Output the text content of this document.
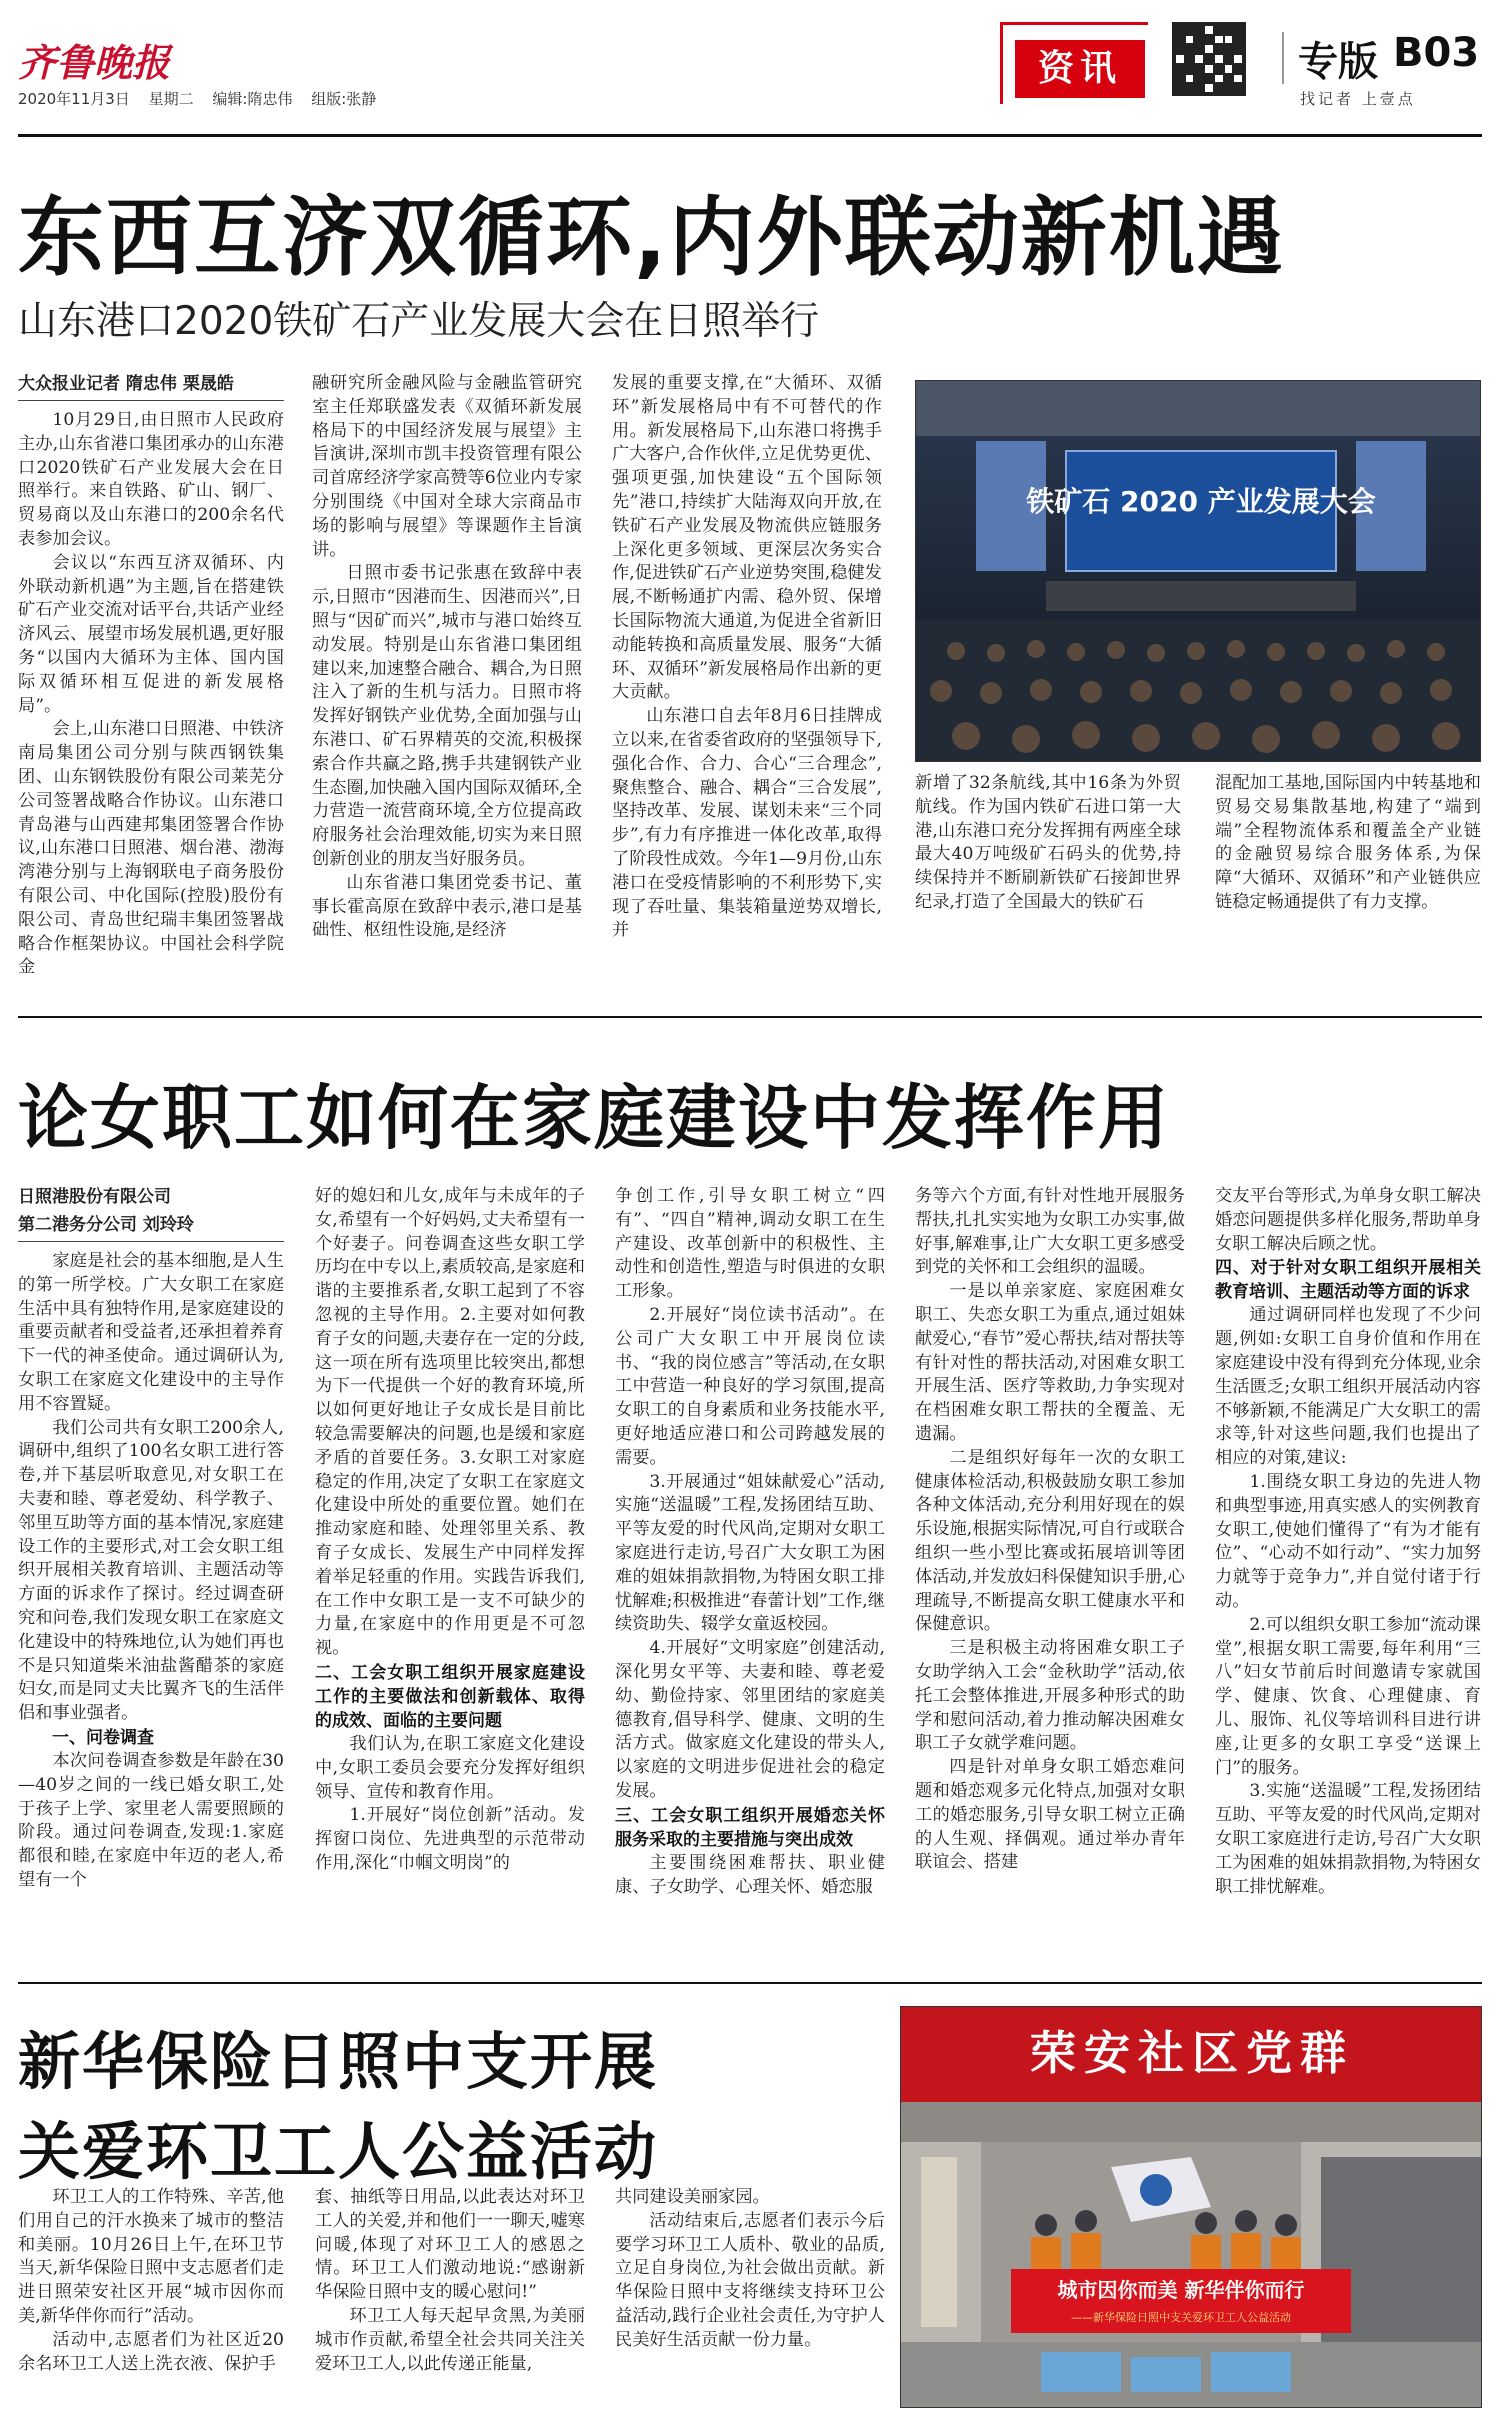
齐鲁晚报
2020年11月3日 星期二 编辑:隋忠伟 组版:张静
资讯	专版 B03
找记者 上壹点
东西互济双循环,内外联动新机遇
山东港口2020铁矿石产业发展大会在日照举行
大众报业记者 隋忠伟 栗晟皓

10月29日,由日照市人民政府主办,山东省港口集团承办的山东港口2020铁矿石产业发展大会在日照举行。来自铁路、矿山、钢厂、贸易商以及山东港口的200余名代表参加会议。

会议以“东西互济双循环、内外联动新机遇”为主题,旨在搭建铁矿石产业交流对话平台,共话产业经济风云、展望市场发展机遇,更好服务“以国内大循环为主体、国内国际双循环相互促进的新发展格局”。

会上,山东港口日照港、中铁济南局集团公司分别与陕西钢铁集团、山东钢铁股份有限公司莱芜分公司签署战略合作协议。山东港口青岛港与山西建邦集团签署合作协议,山东港口日照港、烟台港、渤海湾港分别与上海钢联电子商务股份有限公司、中化国际(控股)股份有限公司、青岛世纪瑞丰集团签署战略合作框架协议。中国社会科学院金

融研究所金融风险与金融监管研究室主任郑联盛发表《双循环新发展格局下的中国经济发展与展望》主旨演讲,深圳市凯丰投资管理有限公司首席经济学家高赞等6位业内专家分别围绕《中国对全球大宗商品市场的影响与展望》等课题作主旨演讲。

日照市委书记张惠在致辞中表示,日照市“因港而生、因港而兴”,日照与“因矿而兴”,城市与港口始终互动发展。特别是山东省港口集团组建以来,加速整合融合、耦合,为日照注入了新的生机与活力。日照市将发挥好钢铁产业优势,全面加强与山东港口、矿石界精英的交流,积极探索合作共赢之路,携手共建钢铁产业生态圈,加快融入国内国际双循环,全力营造一流营商环境,全方位提高政府服务社会治理效能,切实为来日照创新创业的朋友当好服务员。

山东省港口集团党委书记、董事长霍高原在致辞中表示,港口是基础性、枢纽性设施,是经济

发展的重要支撑,在“大循环、双循环”新发展格局中有不可替代的作用。新发展格局下,山东港口将携手广大客户,合作伙伴,立足优势更优、强项更强,加快建设“五个国际领先”港口,持续扩大陆海双向开放,在铁矿石产业发展及物流供应链服务上深化更多领域、更深层次务实合作,促进铁矿石产业逆势突围,稳健发展,不断畅通扩内需、稳外贸、保增长国际物流大通道,为促进全省新旧动能转换和高质量发展、服务“大循环、双循环”新发展格局作出新的更大贡献。

山东港口自去年8月6日挂牌成立以来,在省委省政府的坚强领导下,强化合作、合力、合心“三合理念”,聚焦整合、融合、耦合“三合发展”,坚持改革、发展、谋划未来“三个同步”,有力有序推进一体化改革,取得了阶段性成效。今年1—9月份,山东港口在受疫情影响的不利形势下,实现了吞吐量、集装箱量逆势双增长,并

铁矿石 2020 产业发展大会

新增了32条航线,其中16条为外贸航线。作为国内铁矿石进口第一大港,山东港口充分发挥拥有两座全球最大40万吨级矿石码头的优势,持续保持并不断刷新铁矿石接卸世界纪录,打造了全国最大的铁矿石

混配加工基地,国际国内中转基地和贸易交易集散基地,构建了“端到端”全程物流体系和覆盖全产业链的金融贸易综合服务体系,为保障“大循环、双循环”和产业链供应链稳定畅通提供了有力支撑。

论女职工如何在家庭建设中发挥作用
日照港股份有限公司
第二港务分公司 刘玲玲

家庭是社会的基本细胞,是人生的第一所学校。广大女职工在家庭生活中具有独特作用,是家庭建设的重要贡献者和受益者,还承担着养育下一代的神圣使命。通过调研认为,女职工在家庭文化建设中的主导作用不容置疑。

我们公司共有女职工200余人,调研中,组织了100名女职工进行答卷,并下基层听取意见,对女职工在夫妻和睦、尊老爱幼、科学教子、邻里互助等方面的基本情况,家庭建设工作的主要形式,对工会女职工组织开展相关教育培训、主题活动等方面的诉求作了探讨。经过调查研究和问卷,我们发现女职工在家庭文化建设中的特殊地位,认为她们再也不是只知道柴米油盐酱醋茶的家庭妇女,而是同丈夫比翼齐飞的生活伴侣和事业强者。

一、问卷调查

本次问卷调查参数是年龄在30—40岁之间的一线已婚女职工,处于孩子上学、家里老人需要照顾的阶段。通过问卷调查,发现:1.家庭都很和睦,在家庭中年迈的老人,希望有一个

好的媳妇和儿女,成年与未成年的子女,希望有一个好妈妈,丈夫希望有一个好妻子。问卷调查这些女职工学历均在中专以上,素质较高,是家庭和谐的主要推系者,女职工起到了不容忽视的主导作用。2.主要对如何教育子女的问题,夫妻存在一定的分歧,这一项在所有选项里比较突出,都想为下一代提供一个好的教育环境,所以如何更好地让子女成长是目前比较急需要解决的问题,也是缓和家庭矛盾的首要任务。3.女职工对家庭稳定的作用,决定了女职工在家庭文化建设中所处的重要位置。她们在推动家庭和睦、处理邻里关系、教育子女成长、发展生产中同样发挥着举足轻重的作用。实践告诉我们,在工作中女职工是一支不可缺少的力量,在家庭中的作用更是不可忽视。

二、工会女职工组织开展家庭建设工作的主要做法和创新载体、取得的成效、面临的主要问题

我们认为,在职工家庭文化建设中,女职工委员会要充分发挥好组织领导、宣传和教育作用。

1.开展好“岗位创新”活动。发挥窗口岗位、先进典型的示范带动作用,深化“巾帼文明岗”的

争创工作,引导女职工树立“四有”、“四自”精神,调动女职工在生产建设、改革创新中的积极性、主动性和创造性,塑造与时俱进的女职工形象。

2.开展好“岗位读书活动”。在公司广大女职工中开展岗位读书、“我的岗位感言”等活动,在女职工中营造一种良好的学习氛围,提高女职工的自身素质和业务技能水平,更好地适应港口和公司跨越发展的需要。

3.开展通过“姐妹献爱心”活动,实施“送温暖”工程,发扬团结互助、平等友爱的时代风尚,定期对女职工家庭进行走访,号召广大女职工为困难的姐妹捐款捐物,为特困女职工排忧解难;积极推进“春蕾计划”工作,继续资助失、辍学女童返校园。

4.开展好“文明家庭”创建活动,深化男女平等、夫妻和睦、尊老爱幼、勤俭持家、邻里团结的家庭美德教育,倡导科学、健康、文明的生活方式。做家庭文化建设的带头人,以家庭的文明进步促进社会的稳定发展。

三、工会女职工组织开展婚恋关怀服务采取的主要措施与突出成效

主要围绕困难帮扶、职业健康、子女助学、心理关怀、婚恋服

务等六个方面,有针对性地开展服务帮扶,扎扎实实地为女职工办实事,做好事,解难事,让广大女职工更多感受到党的关怀和工会组织的温暖。

一是以单亲家庭、家庭困难女职工、失恋女职工为重点,通过姐妹献爱心,“春节”爱心帮扶,结对帮扶等有针对性的帮扶活动,对困难女职工开展生活、医疗等救助,力争实现对在档困难女职工帮扶的全覆盖、无遗漏。

二是组织好每年一次的女职工健康体检活动,积极鼓励女职工参加各种文体活动,充分利用好现在的娱乐设施,根据实际情况,可自行或联合组织一些小型比赛或拓展培训等团体活动,并发放妇科保健知识手册,心理疏导,不断提高女职工健康水平和保健意识。

三是积极主动将困难女职工子女助学纳入工会“金秋助学”活动,依托工会整体推进,开展多种形式的助学和慰问活动,着力推动解决困难女职工子女就学难问题。

四是针对单身女职工婚恋难问题和婚恋观多元化特点,加强对女职工的婚恋服务,引导女职工树立正确的人生观、择偶观。通过举办青年联谊会、搭建

交友平台等形式,为单身女职工解决婚恋问题提供多样化服务,帮助单身女职工解决后顾之忧。

四、对于针对女职工组织开展相关教育培训、主题活动等方面的诉求

通过调研同样也发现了不少问题,例如:女职工自身价值和作用在家庭建设中没有得到充分体现,业余生活匮乏;女职工组织开展活动内容不够新颖,不能满足广大女职工的需求等,针对这些问题,我们也提出了相应的对策,建议:

1.围绕女职工身边的先进人物和典型事迹,用真实感人的实例教育女职工,使她们懂得了“有为才能有位”、“心动不如行动”、“实力加努力就等于竞争力”,并自觉付诸于行动。

2.可以组织女职工参加“流动课堂”,根据女职工需要,每年利用“三八”妇女节前后时间邀请专家就国学、健康、饮食、心理健康、育儿、服饰、礼仪等培训科目进行讲座,让更多的女职工享受“送课上门”的服务。

3.实施“送温暖”工程,发扬团结互助、平等友爱的时代风尚,定期对女职工家庭进行走访,号召广大女职工为困难的姐妹捐款捐物,为特困女职工排忧解难。

新华保险日照中支开展
关爱环卫工人公益活动

环卫工人的工作特殊、辛苦,他们用自己的汗水换来了城市的整洁和美丽。10月26日上午,在环卫节当天,新华保险日照中支志愿者们走进日照荣安社区开展“城市因你而美,新华伴你而行”活动。

活动中,志愿者们为社区近20余名环卫工人送上洗衣液、保护手

套、抽纸等日用品,以此表达对环卫工人的关爱,并和他们一一聊天,嘘寒问暖,体现了对环卫工人的感恩之情。环卫工人们激动地说:“感谢新华保险日照中支的暖心慰问!”

环卫工人每天起早贪黑,为美丽城市作贡献,希望全社会共同关注关爱环卫工人,以此传递正能量,

共同建设美丽家园。

活动结束后,志愿者们表示今后要学习环卫工人质朴、敬业的品质,立足自身岗位,为社会做出贡献。新华保险日照中支将继续支持环卫公益活动,践行企业社会责任,为守护人民美好生活贡献一份力量。

荣安社区党群
城市因你而美 新华伴你而行
——新华保险日照中支关爱环卫工人公益活动
